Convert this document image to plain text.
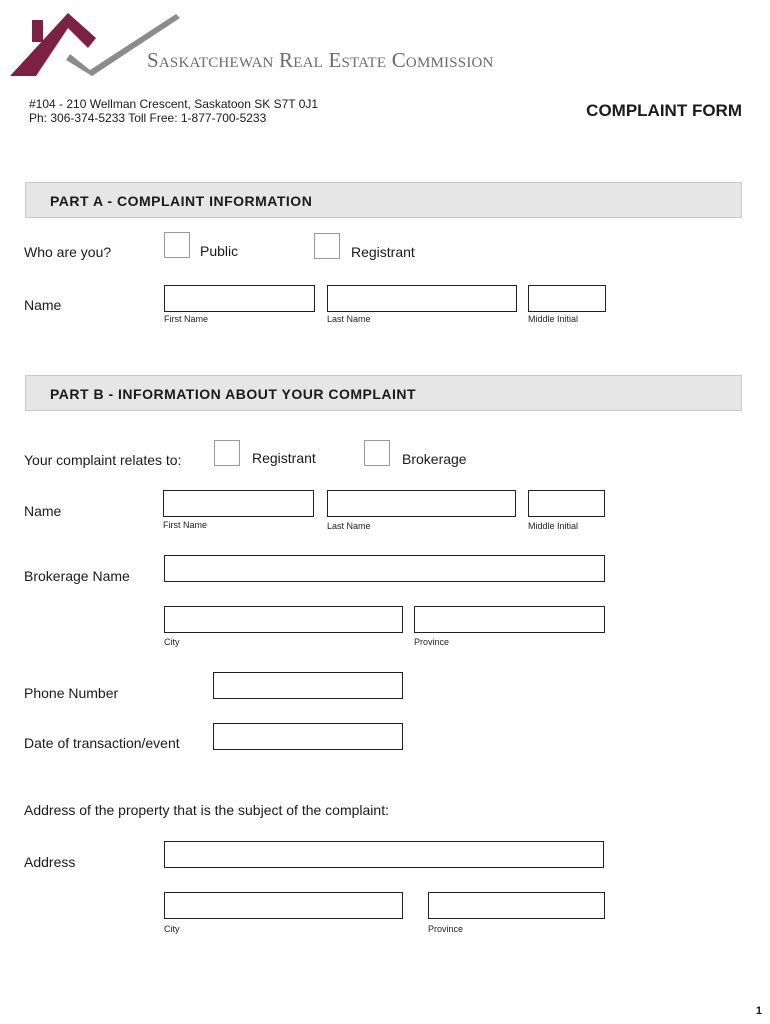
Saskatchewan Real Estate Commission
#104 - 210 Wellman Crescent, Saskatoon SK S7T 0J1
Ph: 306-374-5233 Toll Free: 1-877-700-5233	COMPLAINT FORM
PART A - COMPLAINT INFORMATION
Who are you?	Public	Registrant
Name
First Name	Last Name	Middle Initial
PART B - INFORMATION ABOUT YOUR COMPLAINT
Your complaint relates to:	Registrant	Brokerage
Name
First Name	Last Name	Middle Initial
Brokerage Name
City	Province
Phone Number
Date of transaction/event
Address of the property that is the subject of the complaint:
Address
City	Province
1
